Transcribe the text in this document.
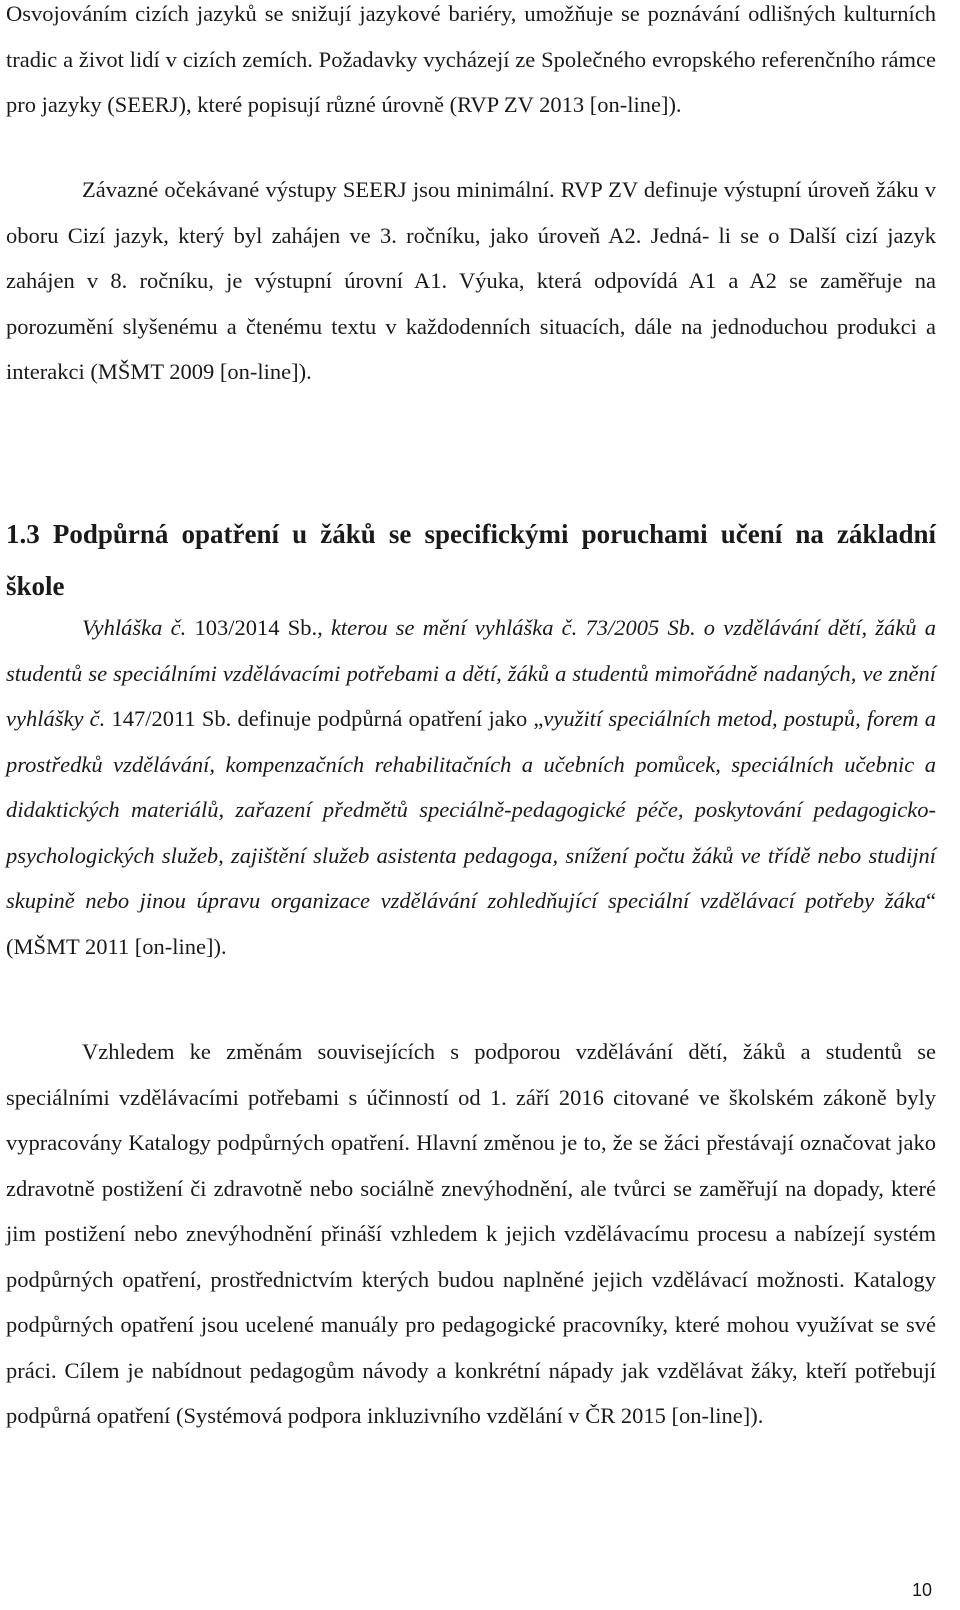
Osvojováním cizích jazyků se snižují jazykové bariéry, umožňuje se poznávání odlišných kulturních tradic a život lidí v cizích zemích. Požadavky vycházejí ze Společného evropského referenčního rámce pro jazyky (SEERJ), které popisují různé úrovně (RVP ZV 2013 [on-line]).

Závazné očekávané výstupy SEERJ jsou minimální. RVP ZV definuje výstupní úroveň žáku v oboru Cizí jazyk, který byl zahájen ve 3. ročníku, jako úroveň A2. Jedná- li se o Další cizí jazyk zahájen v 8. ročníku, je výstupní úrovní A1. Výuka, která odpovídá A1 a A2 se zaměřuje na porozumění slyšenému a čtenému textu v každodenních situacích, dále na jednoduchou produkci a interakci (MŠMT 2009 [on-line]).

1.3 Podpůrná opatření u žáků se specifickými poruchami učení na základní škole

Vyhláška č. 103/2014 Sb., kterou se mění vyhláška č. 73/2005 Sb. o vzdělávání dětí, žáků a studentů se speciálními vzdělávacími potřebami a dětí, žáků a studentů mimořádně nadaných, ve znění vyhlášky č. 147/2011 Sb. definuje podpůrná opatření jako „využití speciálních metod, postupů, forem a prostředků vzdělávání, kompenzačních rehabilitačních a učebních pomůcek, speciálních učebnic a didaktických materiálů, zařazení předmětů speciálně-pedagogické péče, poskytování pedagogicko-psychologických služeb, zajištění služeb asistenta pedagoga, snížení počtu žáků ve třídě nebo studijní skupině nebo jinou úpravu organizace vzdělávání zohledňující speciální vzdělávací potřeby žáka“ (MŠMT 2011 [on-line]).

Vzhledem ke změnám souvisejících s podporou vzdělávání dětí, žáků a studentů se speciálními vzdělávacími potřebami s účinností od 1. září 2016 citované ve školském zákoně byly vypracovány Katalogy podpůrných opatření. Hlavní změnou je to, že se žáci přestávají označovat jako zdravotně postižení či zdravotně nebo sociálně znevýhodnění, ale tvůrci se zaměřují na dopady, které jim postižení nebo znevýhodnění přináší vzhledem k jejich vzdělávacímu procesu a nabízejí systém podpůrných opatření, prostřednictvím kterých budou naplněné jejich vzdělávací možnosti. Katalogy podpůrných opatření jsou ucelené manuály pro pedagogické pracovníky, které mohou využívat se své práci. Cílem je nabídnout pedagogům návody a konkrétní nápady jak vzdělávat žáky, kteří potřebují podpůrná opatření (Systémová podpora inkluzivního vzdělání v ČR 2015 [on-line]).

10
